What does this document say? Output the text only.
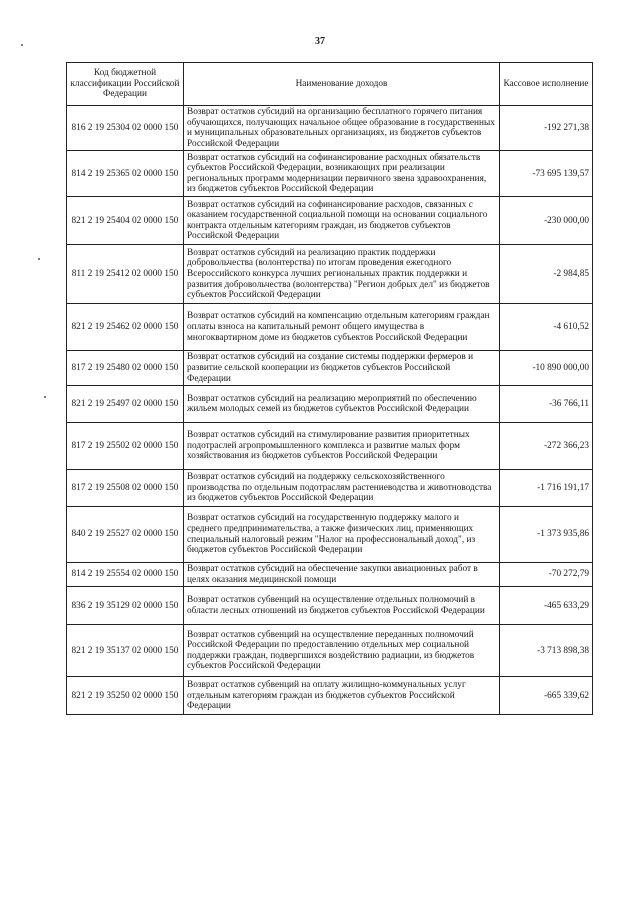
37
Код бюджетной классификации Российской Федерации	Наименование доходов	Кассовое исполнение
816 2 19 25304 02 0000 150	Возврат остатков субсидий на организацию бесплатного горячего питания обучающихся, получающих начальное общее образование в государственных и муниципальных образовательных организациях, из бюджетов субъектов Российской Федерации	-192 271,38
814 2 19 25365 02 0000 150	Возврат остатков субсидий на софинансирование расходных обязательств субъектов Российской Федерации, возникающих при реализации региональных программ модернизации первичного звена здравоохранения, из бюджетов субъектов Российской Федерации	-73 695 139,57
821 2 19 25404 02 0000 150	Возврат остатков субсидий на софинансирование расходов, связанных с оказанием государственной социальной помощи на основании социального контракта отдельным категориям граждан, из бюджетов субъектов Российской Федерации	-230 000,00
811 2 19 25412 02 0000 150	Возврат остатков субсидий на реализацию практик поддержки добровольчества (волонтерства) по итогам проведения ежегодного Всероссийского конкурса лучших региональных практик поддержки и развития добровольчества (волонтерства) "Регион добрых дел" из бюджетов субъектов Российской Федерации	-2 984,85
821 2 19 25462 02 0000 150	Возврат остатков субсидий на компенсацию отдельным категориям граждан оплаты взноса на капитальный ремонт общего имущества в многоквартирном доме из бюджетов субъектов Российской Федерации	-4 610,52
817 2 19 25480 02 0000 150	Возврат остатков субсидий на создание системы поддержки фермеров и развитие сельской кооперации из бюджетов субъектов Российской Федерации	-10 890 000,00
821 2 19 25497 02 0000 150	Возврат остатков субсидий на реализацию мероприятий по обеспечению жильем молодых семей из бюджетов субъектов Российской Федерации	-36 766,11
817 2 19 25502 02 0000 150	Возврат остатков субсидий на стимулирование развития приоритетных подотраслей агропромышленного комплекса и развитие малых форм хозяйствования из бюджетов субъектов Российской Федерации	-272 366,23
817 2 19 25508 02 0000 150	Возврат остатков субсидий на поддержку сельскохозяйственного производства по отдельным подотраслям растениеводства и животноводства из бюджетов субъектов Российской Федерации	-1 716 191,17
840 2 19 25527 02 0000 150	Возврат остатков субсидий на государственную поддержку малого и среднего предпринимательства, а также физических лиц, применяющих специальный налоговый режим "Налог на профессиональный доход", из бюджетов субъектов Российской Федерации	-1 373 935,86
814 2 19 25554 02 0000 150	Возврат остатков субсидий на обеспечение закупки авиационных работ в целях оказания медицинской помощи	-70 272,79
836 2 19 35129 02 0000 150	Возврат остатков субвенций на осуществление отдельных полномочий в области лесных отношений из бюджетов субъектов Российской Федерации	-465 633,29
821 2 19 35137 02 0000 150	Возврат остатков субвенций на осуществление переданных полномочий Российской Федерации по предоставлению отдельных мер социальной поддержки граждан, подвергшихся воздействию радиации, из бюджетов субъектов Российской Федерации	-3 713 898,38
821 2 19 35250 02 0000 150	Возврат остатков субвенций на оплату жилищно-коммунальных услуг отдельным категориям граждан из бюджетов субъектов Российской Федерации	-665 339,62
